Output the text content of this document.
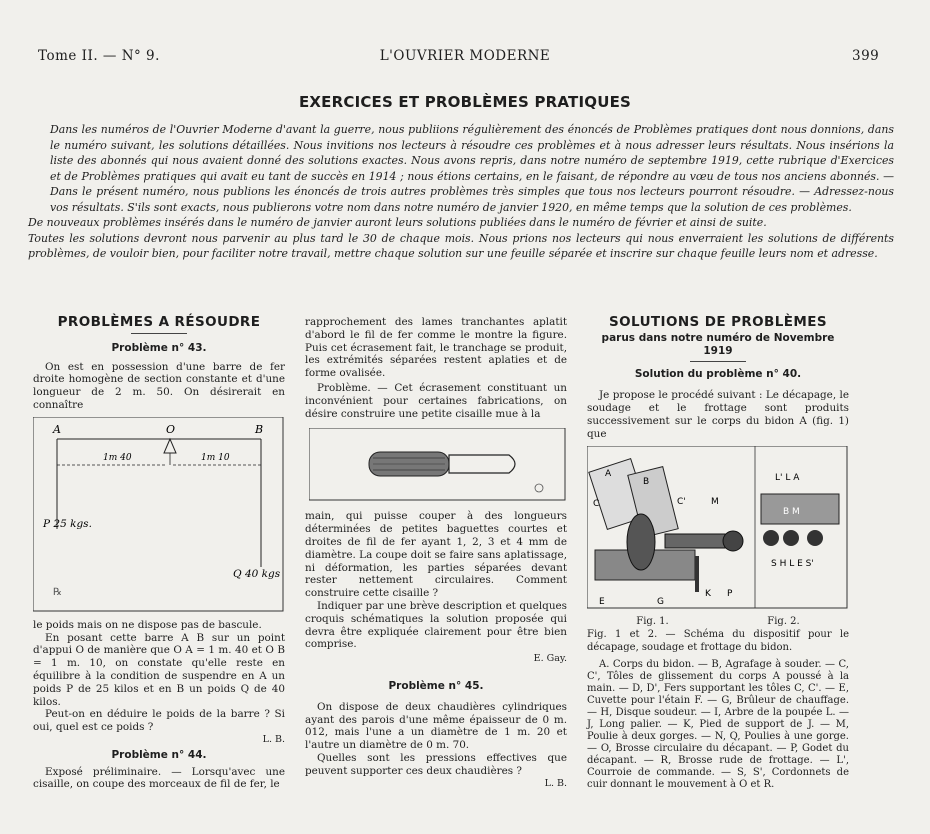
Tome II. — N° 9.	L'OUVRIER MODERNE	399
EXERCICES ET PROBLÈMES PRATIQUES

Dans les numéros de l'Ouvrier Moderne d'avant la guerre, nous publiions régulièrement des énoncés de Problèmes pratiques dont nous donnions, dans le numéro suivant, les solutions détaillées. Nous invitions nos lecteurs à résoudre ces problèmes et à nous adresser leurs résultats. Nous insérions la liste des abonnés qui nous avaient donné des solutions exactes. Nous avons repris, dans notre numéro de septembre 1919, cette rubrique d'Exercices et de Problèmes pratiques qui avait eu tant de succès en 1914 ; nous étions certains, en le faisant, de répondre au vœu de tous nos anciens abonnés. — Dans le présent numéro, nous publions les énoncés de trois autres problèmes très simples que tous nos lecteurs pourront résoudre. — Adressez-nous vos résultats. S'ils sont exacts, nous publierons votre nom dans notre numéro de janvier 1920, en même temps que la solution de ces problèmes.

De nouveaux problèmes insérés dans le numéro de janvier auront leurs solutions publiées dans le numéro de février et ainsi de suite.

Toutes les solutions devront nous parvenir au plus tard le 30 de chaque mois. Nous prions nos lecteurs qui nous enverraient les solutions de différents problèmes, de vouloir bien, pour faciliter notre travail, mettre chaque solution sur une feuille séparée et inscrire sur chaque feuille leurs nom et adresse.

PROBLÈMES A RÉSOUDRE
Problème n° 43.

On est en possession d'une barre de fer droite homogène de section constante et d'une longueur de 2 m. 50. On désirerait en connaître

A	O	B
1m 40	1m 10
P 25 kgs.
Q 40 kgs
℞

le poids mais on ne dispose pas de bascule.

En posant cette barre A B sur un point d'appui O de manière que O A = 1 m. 40 et O B = 1 m. 10, on constate qu'elle reste en équilibre à la condition de suspendre en A un poids P de 25 kilos et en B un poids Q de 40 kilos.

Peut-on en déduire le poids de la barre ? Si oui, quel est ce poids ?

L. B.
Problème n° 44.

Exposé préliminaire. — Lorsqu'avec une cisaille, on coupe des morceaux de fil de fer, le

rapprochement des lames tranchantes aplatit d'abord le fil de fer comme le montre la figure. Puis cet écrasement fait, le tranchage se produit, les extrémités séparées restent aplaties et de forme ovalisée.

Problème. — Cet écrasement constituant un inconvénient pour certaines fabrications, on désire construire une petite cisaille mue à la

main, qui puisse couper à des longueurs déterminées de petites baguettes courtes et droites de fil de fer ayant 1, 2, 3 et 4 mm de diamètre. La coupe doit se faire sans aplatissage, ni déformation, les parties séparées devant rester nettement circulaires. Comment construire cette cisaille ?

Indiquer par une brève description et quelques croquis schématiques la solution proposée qui devra être expliquée clairement pour être bien comprise.

E. Gay.
Problème n° 45.

On dispose de deux chaudières cylindriques ayant des parois d'une même épaisseur de 0 m. 012, mais l'une a un diamètre de 1 m. 20 et l'autre un diamètre de 0 m. 70.

Quelles sont les pressions effectives que peuvent supporter ces deux chaudières ?

L. B.
SOLUTIONS DE PROBLÈMES
parus dans notre numéro de Novembre 1919
Solution du problème n° 40.

Je propose le procédé suivant : Le décapage, le soudage et le frottage sont produits successivement sur le corps du bidon A (fig. 1) que

A
B
C	C'	M
E	G
K P
L' L A
B M
S H L E S'
Fig. 1.	Fig. 2.

Fig. 1 et 2. — Schéma du dispositif pour le décapage, soudage et frottage du bidon.

A. Corps du bidon. — B, Agrafage à souder. — C, C', Tôles de glissement du corps A poussé à la main. — D, D', Fers supportant les tôles C, C'. — E, Cuvette pour l'étain F. — G, Brûleur de chauffage. — H, Disque soudeur. — I, Arbre de la poupée L. — J, Long palier. — K, Pied de support de J. — M, Poulie à deux gorges. — N, Q, Poulies à une gorge. — O, Brosse circulaire du décapant. — P, Godet du décapant. — R, Brosse rude de frottage. — L', Courroie de commande. — S, S', Cordonnets de cuir donnant le mouvement à O et R.
